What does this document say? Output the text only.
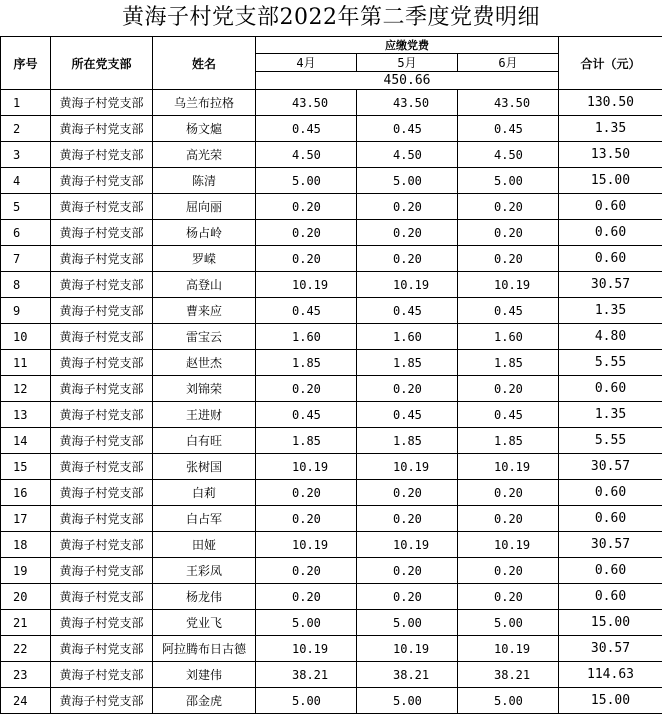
黄海子村党支部2022年第二季度党费明细
序号	所在党支部	姓名	应缴党费			合计（元）
			4月	5月	6月	
			450.66			
1	黄海子村党支部	乌兰布拉格	43.50	43.50	43.50	130.50
2	黄海子村党支部	杨文熩	0.45	0.45	0.45	1.35
3	黄海子村党支部	高光荣	4.50	4.50	4.50	13.50
4	黄海子村党支部	陈清	5.00	5.00	5.00	15.00
5	黄海子村党支部	屈向丽	0.20	0.20	0.20	0.60
6	黄海子村党支部	杨占岭	0.20	0.20	0.20	0.60
7	黄海子村党支部	罗嵘	0.20	0.20	0.20	0.60
8	黄海子村党支部	高登山	10.19	10.19	10.19	30.57
9	黄海子村党支部	曹来应	0.45	0.45	0.45	1.35
10	黄海子村党支部	雷宝云	1.60	1.60	1.60	4.80
11	黄海子村党支部	赵世杰	1.85	1.85	1.85	5.55
12	黄海子村党支部	刘锦荣	0.20	0.20	0.20	0.60
13	黄海子村党支部	王进财	0.45	0.45	0.45	1.35
14	黄海子村党支部	白有旺	1.85	1.85	1.85	5.55
15	黄海子村党支部	张树国	10.19	10.19	10.19	30.57
16	黄海子村党支部	白莉	0.20	0.20	0.20	0.60
17	黄海子村党支部	白占军	0.20	0.20	0.20	0.60
18	黄海子村党支部	田娅	10.19	10.19	10.19	30.57
19	黄海子村党支部	王彩凤	0.20	0.20	0.20	0.60
20	黄海子村党支部	杨龙伟	0.20	0.20	0.20	0.60
21	黄海子村党支部	党业飞	5.00	5.00	5.00	15.00
22	黄海子村党支部	阿拉腾布日古德	10.19	10.19	10.19	30.57
23	黄海子村党支部	刘建伟	38.21	38.21	38.21	114.63
24	黄海子村党支部	邵金虎	5.00	5.00	5.00	15.00
